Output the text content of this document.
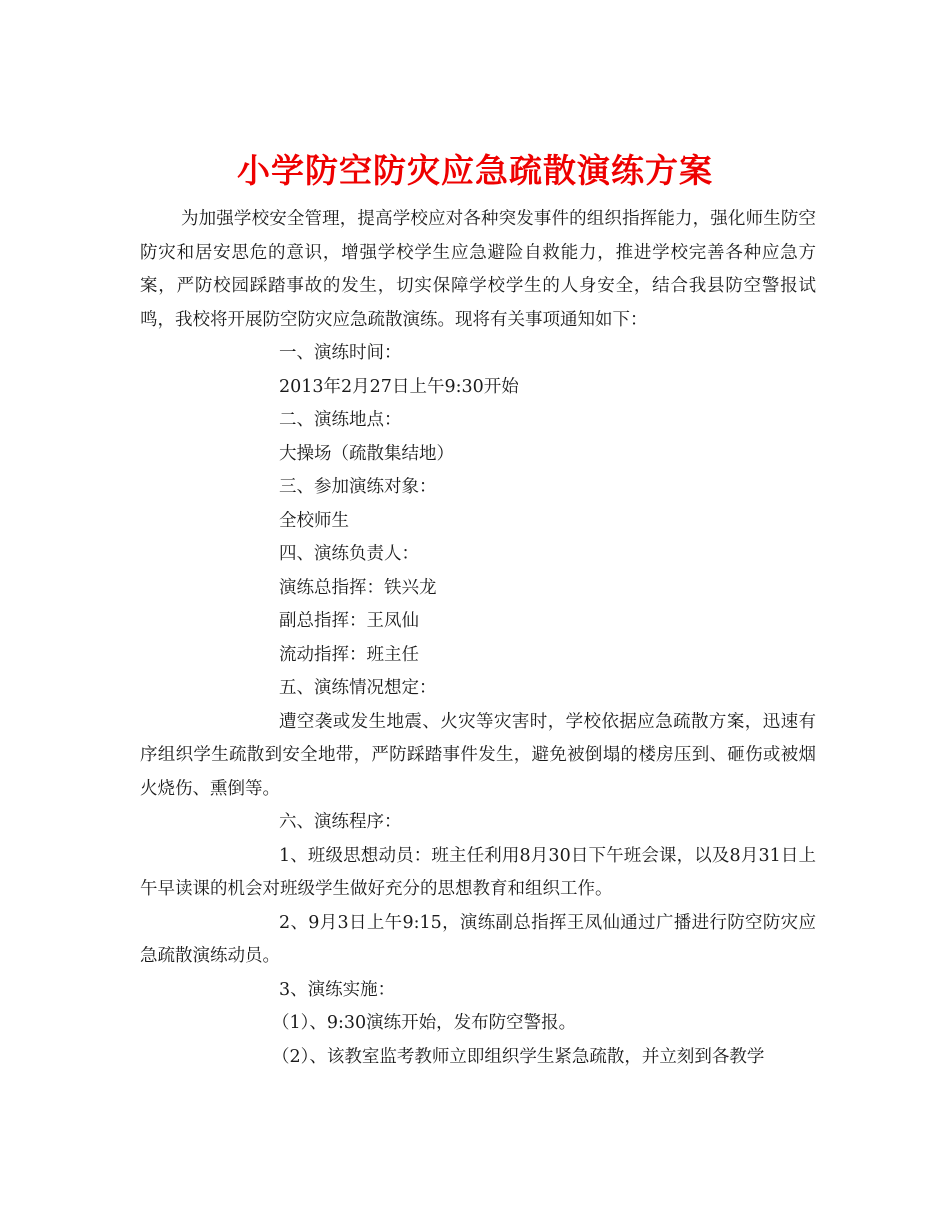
小学防空防灾应急疏散演练方案

为加强学校安全管理，提高学校应对各种突发事件的组织指挥能力，强化师生防空防灾和居安思危的意识，增强学校学生应急避险自救能力，推进学校完善各种应急方案，严防校园踩踏事故的发生，切实保障学校学生的人身安全，结合我县防空警报试鸣，我校将开展防空防灾应急疏散演练。现将有关事项通知如下：

一、演练时间：

2013年2月27日上午9:30开始

二、演练地点：

大操场（疏散集结地）

三、参加演练对象：

全校师生

四、演练负责人：

演练总指挥：铁兴龙

副总指挥：王凤仙

流动指挥：班主任

五、演练情况想定：

遭空袭或发生地震、火灾等灾害时，学校依据应急疏散方案，迅速有序组织学生疏散到安全地带，严防踩踏事件发生，避免被倒塌的楼房压到、砸伤或被烟火烧伤、熏倒等。

六、演练程序：

1、班级思想动员：班主任利用8月30日下午班会课，以及8月31日上午早读课的机会对班级学生做好充分的思想教育和组织工作。

2、9月3日上午9:15，演练副总指挥王凤仙通过广播进行防空防灾应急疏散演练动员。

3、演练实施：

（1）、9:30演练开始，发布防空警报。

（2）、该教室监考教师立即组织学生紧急疏散，并立刻到各教学
